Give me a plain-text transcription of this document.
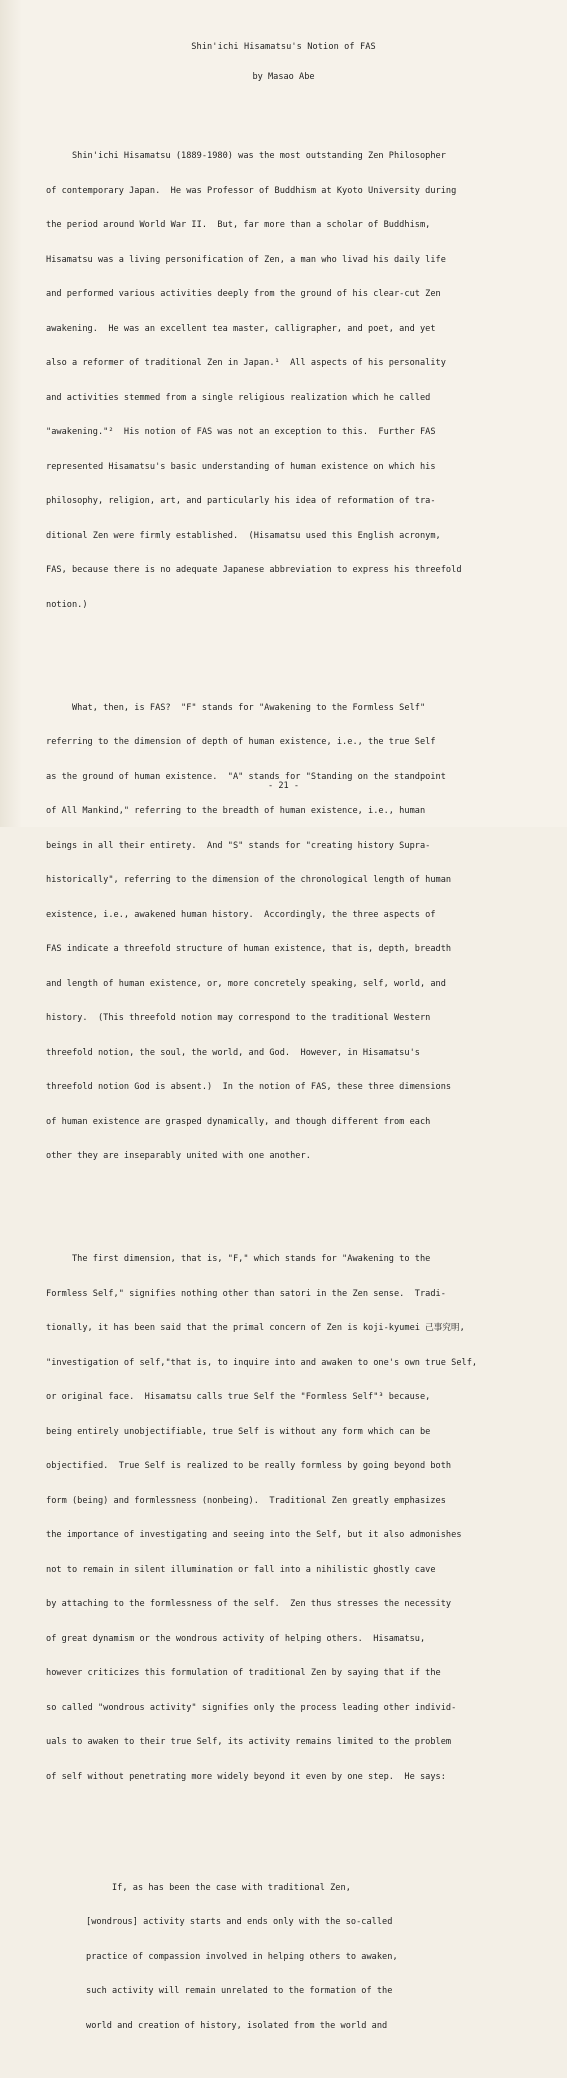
Shin'ichi Hisamatsu's Notion of FAS
by Masao Abe

Shin'ichi Hisamatsu (1889-1980) was the most outstanding Zen Philosopher

of contemporary Japan.  He was Professor of Buddhism at Kyoto University during

the period around World War II.  But, far more than a scholar of Buddhism,

Hisamatsu was a living personification of Zen, a man who livad his daily life

and performed various activities deeply from the ground of his clear-cut Zen

awakening.  He was an excellent tea master, calligrapher, and poet, and yet

also a reformer of traditional Zen in Japan.¹  All aspects of his personality

and activities stemmed from a single religious realization which he called

"awakening."²  His notion of FAS was not an exception to this.  Further FAS

represented Hisamatsu's basic understanding of human existence on which his

philosophy, religion, art, and particularly his idea of reformation of tra-

ditional Zen were firmly established.  (Hisamatsu used this English acronym,

FAS, because there is no adequate Japanese abbreviation to express his threefold

notion.)

What, then, is FAS?  "F" stands for "Awakening to the Formless Self"

referring to the dimension of depth of human existence, i.e., the true Self

as the ground of human existence.  "A" stands for "Standing on the standpoint

of All Mankind," referring to the breadth of human existence, i.e., human

beings in all their entirety.  And "S" stands for "creating history Supra-

historically", referring to the dimension of the chronological length of human

existence, i.e., awakened human history.  Accordingly, the three aspects of

FAS indicate a threefold structure of human existence, that is, depth, breadth

and length of human existence, or, more concretely speaking, self, world, and

history.  (This threefold notion may correspond to the traditional Western

threefold notion, the soul, the world, and God.  However, in Hisamatsu's

threefold notion God is absent.)  In the notion of FAS, these three dimensions

of human existence are grasped dynamically, and though different from each

other they are inseparably united with one another.

The first dimension, that is, "F," which stands for "Awakening to the

Formless Self," signifies nothing other than satori in the Zen sense.  Tradi-

tionally, it has been said that the primal concern of Zen is koji-kyumei 己事究明,

"investigation of self,"that is, to inquire into and awaken to one's own true Self,

or original face.  Hisamatsu calls true Self the "Formless Self"³ because,

being entirely unobjectifiable, true Self is without any form which can be

objectified.  True Self is realized to be really formless by going beyond both

form (being) and formlessness (nonbeing).  Traditional Zen greatly emphasizes

the importance of investigating and seeing into the Self, but it also admonishes

not to remain in silent illumination or fall into a nihilistic ghostly cave

by attaching to the formlessness of the self.  Zen thus stresses the necessity

of great dynamism or the wondrous activity of helping others.  Hisamatsu,

however criticizes this formulation of traditional Zen by saying that if the

so called "wondrous activity" signifies only the process leading other individ-

uals to awaken to their true Self, its activity remains limited to the problem

of self without penetrating more widely beyond it even by one step.  He says:

If, as has been the case with traditional Zen,

[wondrous] activity starts and ends only with the so-called

practice of compassion involved in helping others to awaken,

such activity will remain unrelated to the formation of the

world and creation of history, isolated from the world and

- 21 -
